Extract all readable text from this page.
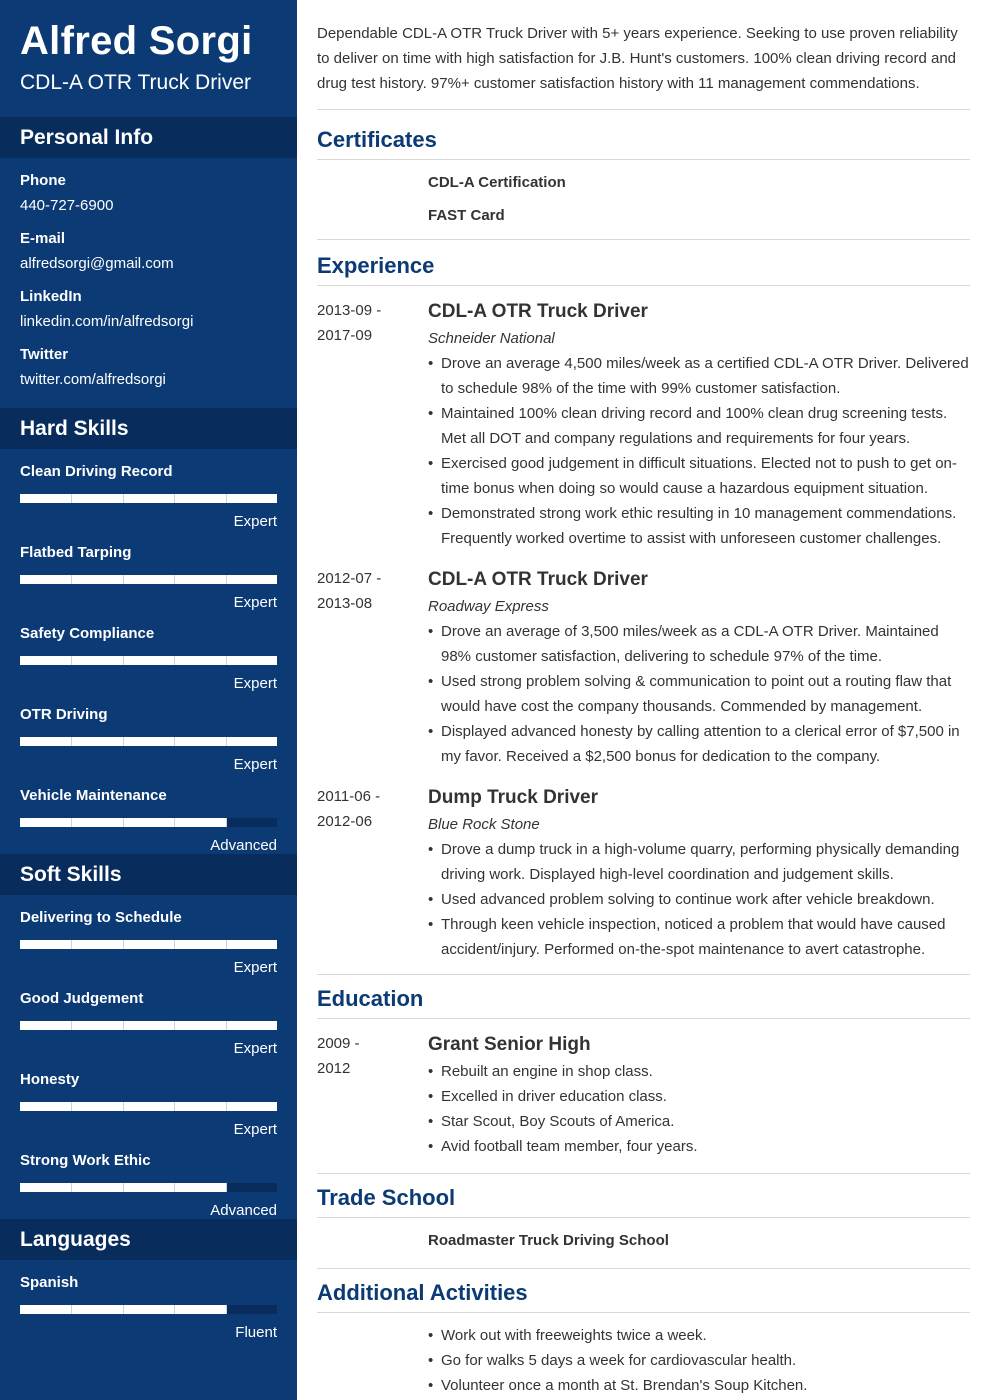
Alfred Sorgi
CDL-A OTR Truck Driver
Personal Info
Phone
440-727-6900
E-mail
alfredsorgi@gmail.com
LinkedIn
linkedin.com/in/alfredsorgi
Twitter
twitter.com/alfredsorgi
Hard Skills
Clean Driving Record
Expert
Flatbed Tarping
Expert
Safety Compliance
Expert
OTR Driving
Expert
Vehicle Maintenance
Advanced
Soft Skills
Delivering to Schedule
Expert
Good Judgement
Expert
Honesty
Expert
Strong Work Ethic
Advanced
Languages
Spanish
Fluent
Dependable CDL-A OTR Truck Driver with 5+ years experience. Seeking to use proven reliability to deliver on time with high satisfaction for J.B. Hunt's customers. 100% clean driving record and drug test history. 97%+ customer satisfaction history with 11 management commendations.
Certificates
CDL-A Certification
FAST Card
Experience
2013-09 -
2017-09
CDL-A OTR Truck Driver
Schneider National
• Drove an average 4,500 miles/week as a certified CDL-A OTR Driver. Delivered to schedule 98% of the time with 99% customer satisfaction.
• Maintained 100% clean driving record and 100% clean drug screening tests. Met all DOT and company regulations and requirements for four years.
• Exercised good judgement in difficult situations. Elected not to push to get on-time bonus when doing so would cause a hazardous equipment situation.
• Demonstrated strong work ethic resulting in 10 management commendations. Frequently worked overtime to assist with unforeseen customer challenges.
2012-07 -
2013-08
CDL-A OTR Truck Driver
Roadway Express
• Drove an average of 3,500 miles/week as a CDL-A OTR Driver. Maintained 98% customer satisfaction, delivering to schedule 97% of the time.
• Used strong problem solving & communication to point out a routing flaw that would have cost the company thousands. Commended by management.
• Displayed advanced honesty by calling attention to a clerical error of $7,500 in my favor. Received a $2,500 bonus for dedication to the company.
2011-06 -
2012-06
Dump Truck Driver
Blue Rock Stone
• Drove a dump truck in a high-volume quarry, performing physically demanding driving work. Displayed high-level coordination and judgement skills.
• Used advanced problem solving to continue work after vehicle breakdown.
• Through keen vehicle inspection, noticed a problem that would have caused accident/injury. Performed on-the-spot maintenance to avert catastrophe.
Education
2009 -
2012
Grant Senior High
• Rebuilt an engine in shop class.
• Excelled in driver education class.
• Star Scout, Boy Scouts of America.
• Avid football team member, four years.
Trade School
Roadmaster Truck Driving School
Additional Activities
• Work out with freeweights twice a week.
• Go for walks 5 days a week for cardiovascular health.
• Volunteer once a month at St. Brendan's Soup Kitchen.
